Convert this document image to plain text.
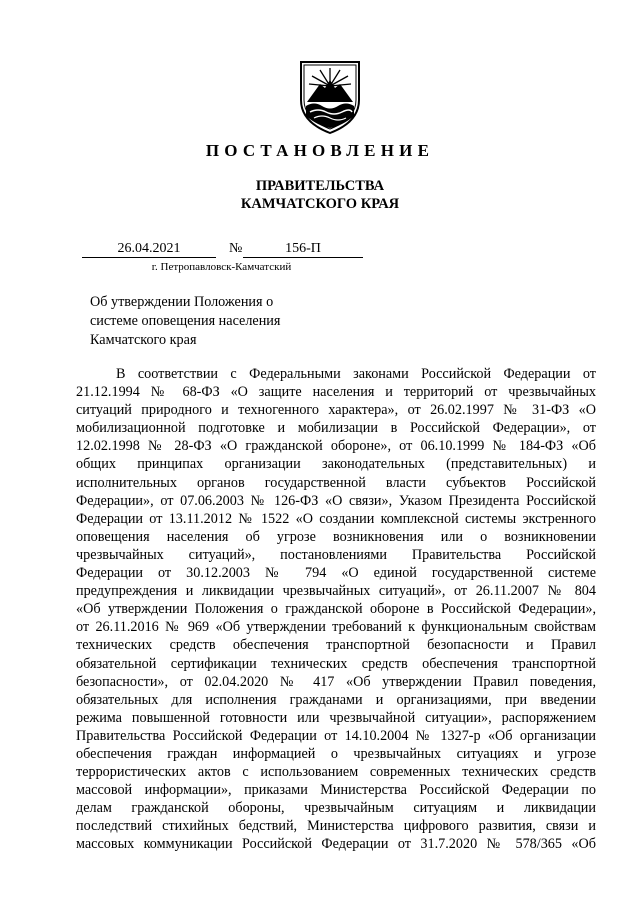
ПОСТАНОВЛЕНИЕ

ПРАВИТЕЛЬСТВА
КАМЧАТСКОГО КРАЯ

26.04.2021	№	156-П
г. Петропавловск-Камчатский

Об утверждении Положения о
системе оповещения населения
Камчатского края

В соответствии с Федеральными законами Российской Федерации от
21.12.1994 № 68-ФЗ «О защите населения и территорий от чрезвычайных
ситуаций природного и техногенного характера», от 26.02.1997 № 31-ФЗ «О
мобилизационной подготовке и мобилизации в Российской Федерации», от
12.02.1998 № 28-ФЗ «О гражданской обороне», от 06.10.1999 № 184-ФЗ «Об
общих принципах организации законодательных (представительных) и
исполнительных органов государственной власти субъектов Российской
Федерации», от 07.06.2003 № 126-ФЗ «О связи», Указом Президента Российской
Федерации от 13.11.2012 № 1522 «О создании комплексной системы экстренного
оповещения населения об угрозе возникновения или о возникновении
чрезвычайных ситуаций», постановлениями Правительства Российской
Федерации от 30.12.2003 № 794 «О единой государственной системе
предупреждения и ликвидации чрезвычайных ситуаций», от 26.11.2007 № 804
«Об утверждении Положения о гражданской обороне в Российской Федерации»,
от 26.11.2016 № 969 «Об утверждении требований к функциональным свойствам
технических средств обеспечения транспортной безопасности и Правил
обязательной сертификации технических средств обеспечения транспортной
безопасности», от 02.04.2020 № 417 «Об утверждении Правил поведения,
обязательных для исполнения гражданами и организациями, при введении
режима повышенной готовности или чрезвычайной ситуации», распоряжением
Правительства Российской Федерации от 14.10.2004 № 1327-р «Об организации
обеспечения граждан информацией о чрезвычайных ситуациях и угрозе
террористических актов с использованием современных технических средств
массовой информации», приказами Министерства Российской Федерации по
делам гражданской обороны, чрезвычайным ситуациям и ликвидации
последствий стихийных бедствий, Министерства цифрового развития, связи и
массовых коммуникации Российской Федерации от 31.7.2020 № 578/365 «Об
